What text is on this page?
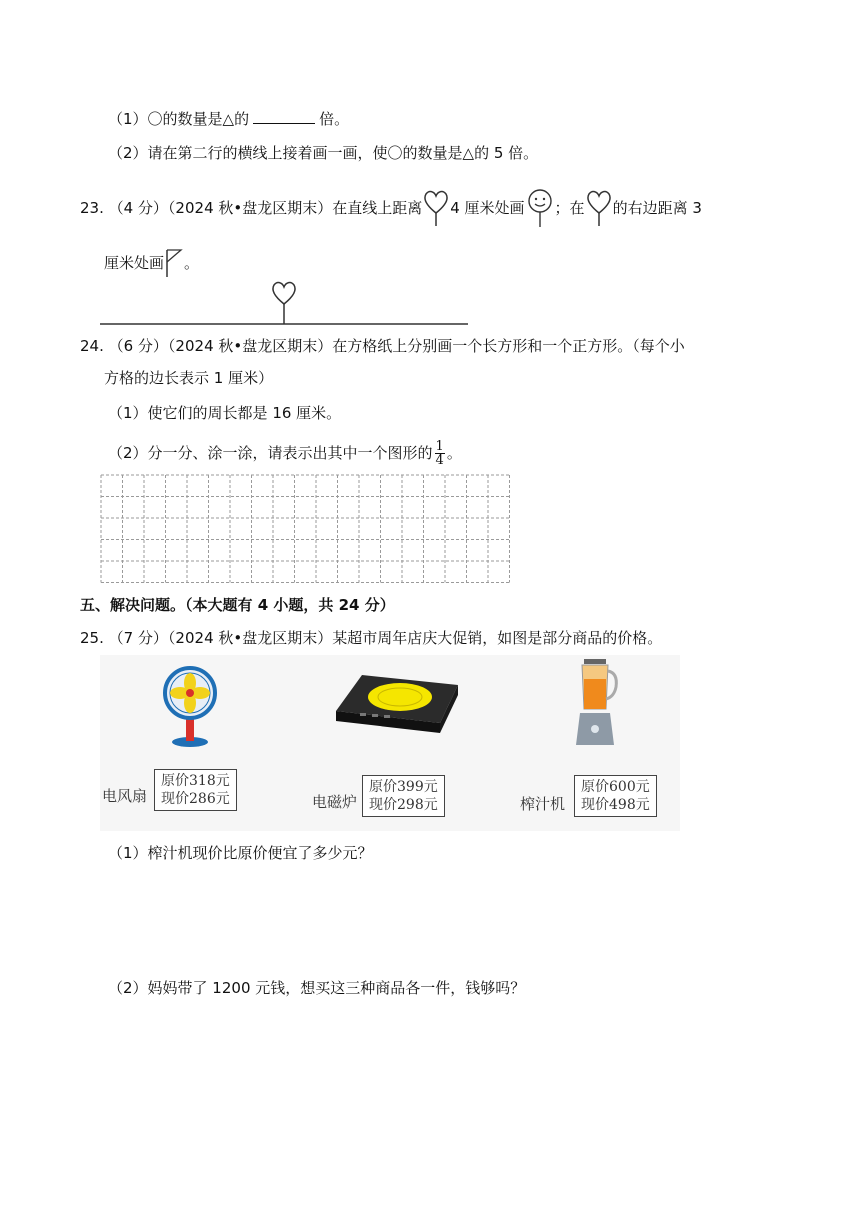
（1）〇的数量是△的	倍。
（2）请在第二行的横线上接着画一画，使〇的数量是△的 5 倍。
23. （4 分）（2024 秋•盘龙区期末）在直线上距离 4 厘米处画 ；在 的右边距离 3
厘米处画 。
24. （6 分）（2024 秋•盘龙区期末）在方格纸上分别画一个长方形和一个正方形。（每个小
方格的边长表示 1 厘米）
（1）使它们的周长都是 16 厘米。
（2）分一分、涂一涂，请表示出其中一个图形的 $\frac{1}{4}$ 。
五、解决问题。（本大题有 4 小题，共 24 分）
25. （7 分）（2024 秋•盘龙区期末）某超市周年店庆大促销，如图是部分商品的价格。
电风扇
原价318元
现价286元	电磁炉
原价399元
现价298元	榨汁机
原价600元
现价498元
（1）榨汁机现价比原价便宜了多少元？
（2）妈妈带了 1200 元钱，想买这三种商品各一件，钱够吗？
